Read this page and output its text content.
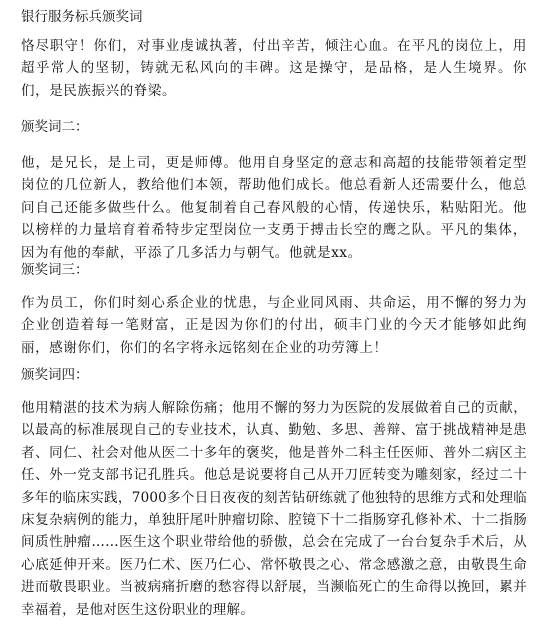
银行服务标兵颁奖词
恪尽职守！你们，对事业虔诚执著，付出辛苦，倾注心血。在平凡的岗位上，用超乎常人的坚韧，铸就无私风向的丰碑。这是操守，是品格，是人生境界。你们，是民族振兴的脊梁。
颁奖词二：
他，是兄长，是上司，更是师傅。他用自身坚定的意志和高超的技能带领着定型岗位的几位新人，教给他们本领，帮助他们成长。他总看新人还需要什么，他总问自己还能多做些什么。他复制着自己春风般的心情，传递快乐，粘贴阳光。他以榜样的力量培育着希特步定型岗位一支勇于搏击长空的鹰之队。平凡的集体，因为有他的奉献，平添了几多活力与朝气。他就是xx。
颁奖词三：
作为员工，你们时刻心系企业的忧患，与企业同风雨、共命运，用不懈的努力为企业创造着每一笔财富，正是因为你们的付出，硕丰门业的今天才能够如此绚丽，感谢你们，你们的名字将永远铭刻在企业的功劳簿上！
颁奖词四：
他用精湛的技术为病人解除伤痛；他用不懈的努力为医院的发展做着自己的贡献，以最高的标准展现自己的专业技术，认真、勤勉、多思、善辩、富于挑战精神是患者、同仁、社会对他从医二十多年的褒奖，他是普外二科主任医师、普外二病区主任、外一党支部书记孔胜兵。他总是说要将自己从开刀匠转变为雕刻家，经过二十多年的临床实践，7000多个日日夜夜的刻苦钻研练就了他独特的思维方式和处理临床复杂病例的能力，单独肝尾叶肿瘤切除、腔镜下十二指肠穿孔修补术、十二指肠间质性肿瘤……医生这个职业带给他的骄傲，总会在完成了一台台复杂手术后，从心底延伸开来。医乃仁术、医乃仁心、常怀敬畏之心、常念感激之意，由敬畏生命进而敬畏职业。当被病痛折磨的愁容得以舒展，当濒临死亡的生命得以挽回，累并幸福着，是他对医生这份职业的理解。
